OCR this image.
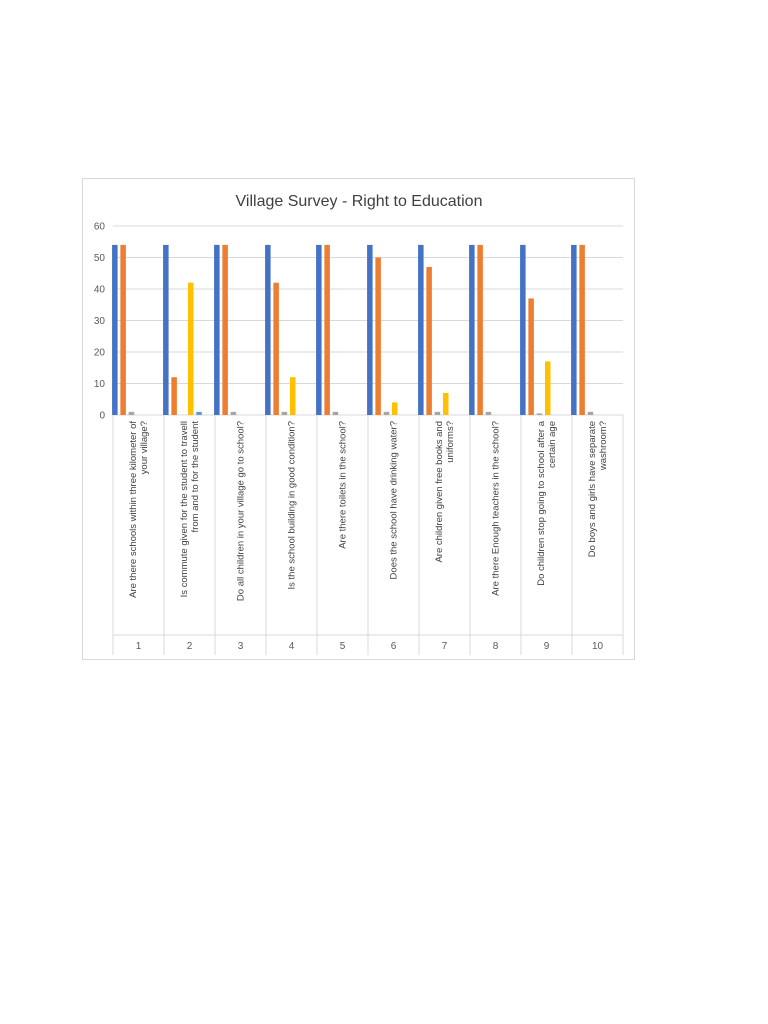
Village Survey - Right to Education
0
10
20
30
40
50
60
Are there schools within three kilometer of your village?
1
Is commute given for the student to travell from and to for the student
2
Do all children in your village go to school?
3
Is the school building in good condition?
4
Are there toilets in the school?
5
Does the school have drinking water?
6
Are children given free books and uniforms?
7
Are there Enough teachers in the school?
8
Do children stop going to school after a certain age
9
Do boys and girls have separate washroom?
10
